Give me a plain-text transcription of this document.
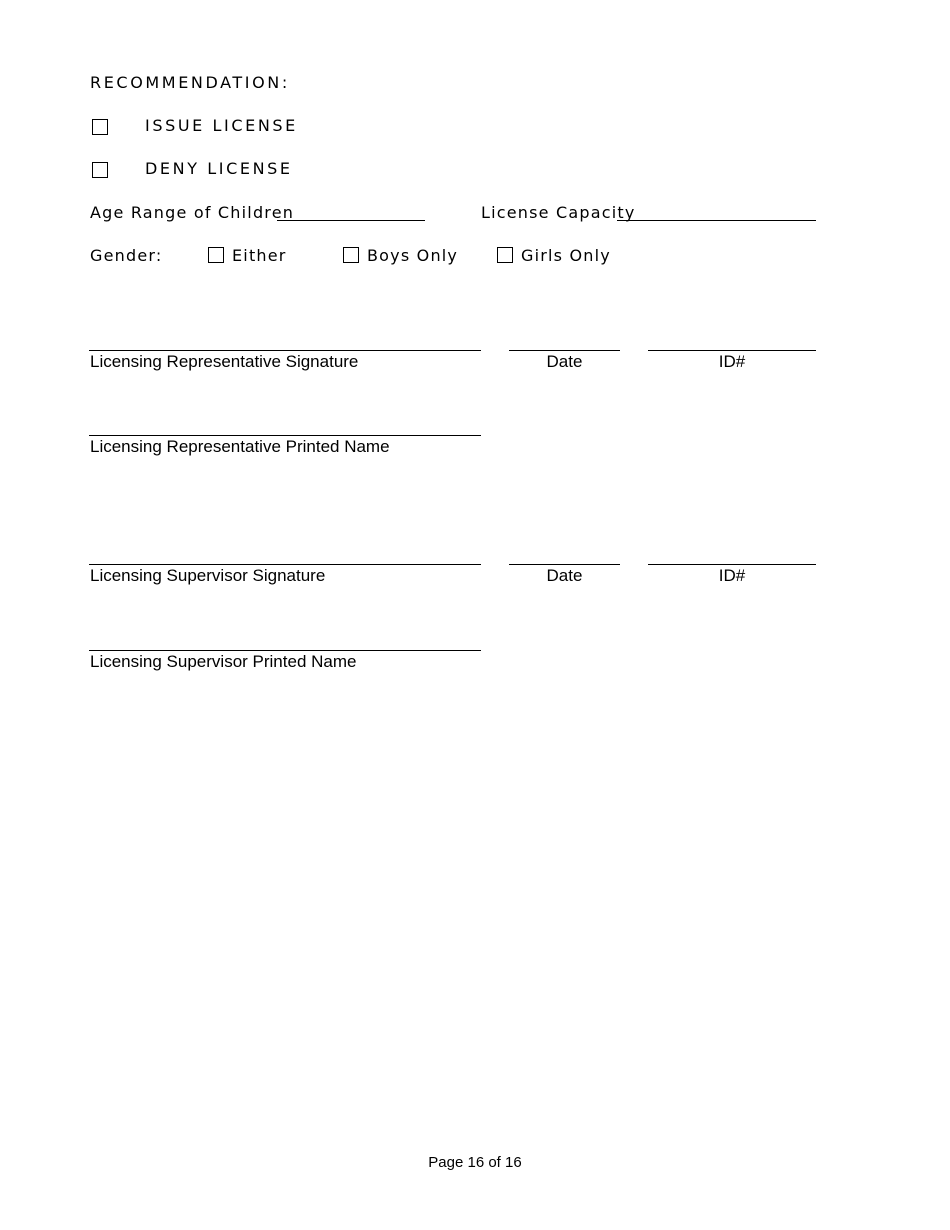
RECOMMENDATION:
ISSUE LICENSE
DENY LICENSE
Age Range of Children	License Capacity
Gender:	Either	Boys Only	Girls Only
Licensing Representative Signature	Date	ID#
Licensing Representative Printed Name
Licensing Supervisor Signature	Date	ID#
Licensing Supervisor Printed Name
Page 16 of 16
